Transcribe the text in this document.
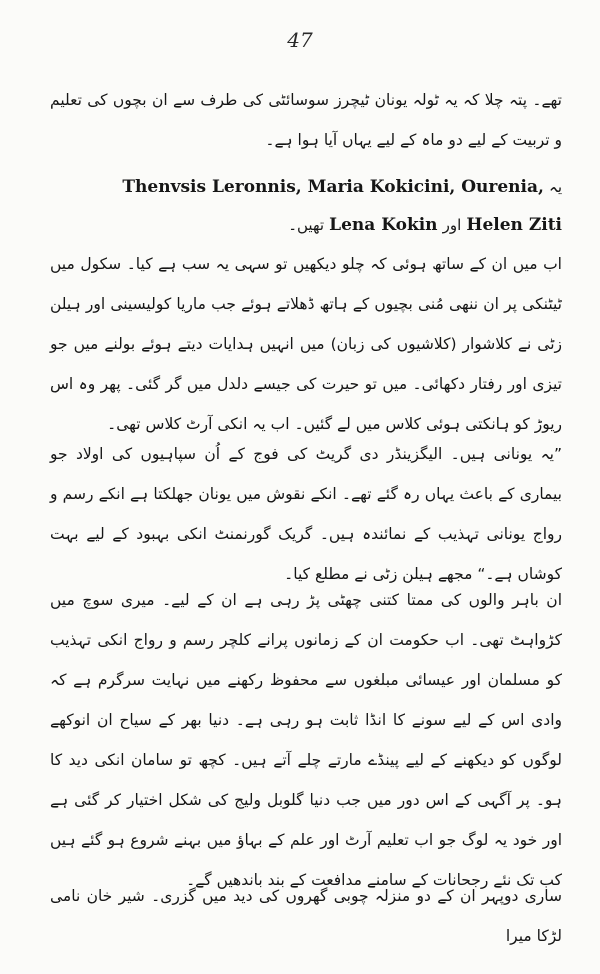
47
تھے۔ پتہ چلا کہ یہ ٹولہ یونان ٹیچرز سوسائٹی کی طرف سے ان بچوں کی تعلیم و تربیت کے لیے دو ماہ کے لیے یہاں آیا ہوا ہے۔
یہ Thenvsis Leronnis, Maria Kokicini, Ourenia,
Helen Ziti اور Lena Kokin تھیں۔
اب میں ان کے ساتھ ہوئی کہ چلو دیکھیں تو سہی یہ سب ہے کیا۔ سکول میں ٹیٹنکی پر ان ننھی مُنی بچیوں کے ہاتھ ڈھلاتے ہوئے جب ماریا کولیسینی اور ہیلن زٹی نے کلاشوار (کلاشیوں کی زبان) میں انہیں ہدایات دیتے ہوئے بولنے میں جو تیزی اور رفتار دکھائی۔ میں تو حیرت کی جیسے دلدل میں گر گئی۔ پھر وہ اس ریوڑ کو ہانکتی ہوئی کلاس میں لے گئیں۔ اب یہ انکی آرٹ کلاس تھی۔
”یہ یونانی ہیں۔ الیگزینڈر دی گریٹ کی فوج کے اُن سپاہیوں کی اولاد جو بیماری کے باعث یہاں رہ گئے تھے۔ انکے نقوش میں یونان جھلکتا ہے انکے رسم و رواج یونانی تہذیب کے نمائندہ ہیں۔ گریک گورنمنٹ انکی بہبود کے لیے بہت کوشاں ہے۔“ مجھے ہیلن زٹی نے مطلع کیا۔
ان باہر والوں کی ممتا کتنی چھٹی پڑ رہی ہے ان کے لیے۔ میری سوچ میں کڑواہٹ تھی۔ اب حکومت ان کے زمانوں پرانے کلچر رسم و رواج انکی تہذیب کو مسلمان اور عیسائی مبلغوں سے محفوظ رکھنے میں نہایت سرگرم ہے کہ وادی اس کے لیے سونے کا انڈا ثابت ہو رہی ہے۔ دنیا بھر کے سیاح ان انوکھے لوگوں کو دیکھنے کے لیے پینڈے مارتے چلے آتے ہیں۔ کچھ تو سامان انکی دید کا ہو۔ پر آگہی کے اس دور میں جب دنیا گلوبل ولیج کی شکل اختیار کر گئی ہے اور خود یہ لوگ جو اب تعلیم آرٹ اور علم کے بہاؤ میں بہنے شروع ہو گئے ہیں کب تک نئے رجحانات کے سامنے مدافعت کے بند باندھیں گے۔
ساری دوپہر ان کے دو منزلہ چوبی گھروں کی دید میں گزری۔ شیر خان نامی لڑکا میرا
